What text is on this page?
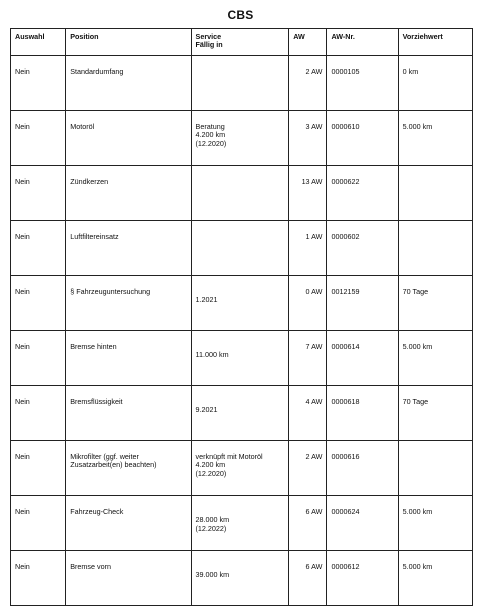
CBS
Auswahl	Position	Service
Fällig in	AW	AW-Nr.	Vorziehwert
Nein	Standardumfang		2 AW	0000105	0 km
Nein	Motoröl	Beratung
4.200 km
(12.2020)	3 AW	0000610	5.000 km
Nein	Zündkerzen		13 AW	0000622	
Nein	Luftfiltereinsatz		1 AW	0000602	
Nein	§ Fahrzeuguntersuchung	1.2021	0 AW	0012159	70 Tage
Nein	Bremse hinten	11.000 km	7 AW	0000614	5.000 km
Nein	Bremsflüssigkeit	9.2021	4 AW	0000618	70 Tage
Nein	Mikrofilter (ggf. weiter
Zusatzarbeit(en) beachten)	verknüpft mit Motoröl
4.200 km
(12.2020)	2 AW	0000616	
Nein	Fahrzeug-Check	28.000 km
(12.2022)	6 AW	0000624	5.000 km
Nein	Bremse vorn	39.000 km	6 AW	0000612	5.000 km
